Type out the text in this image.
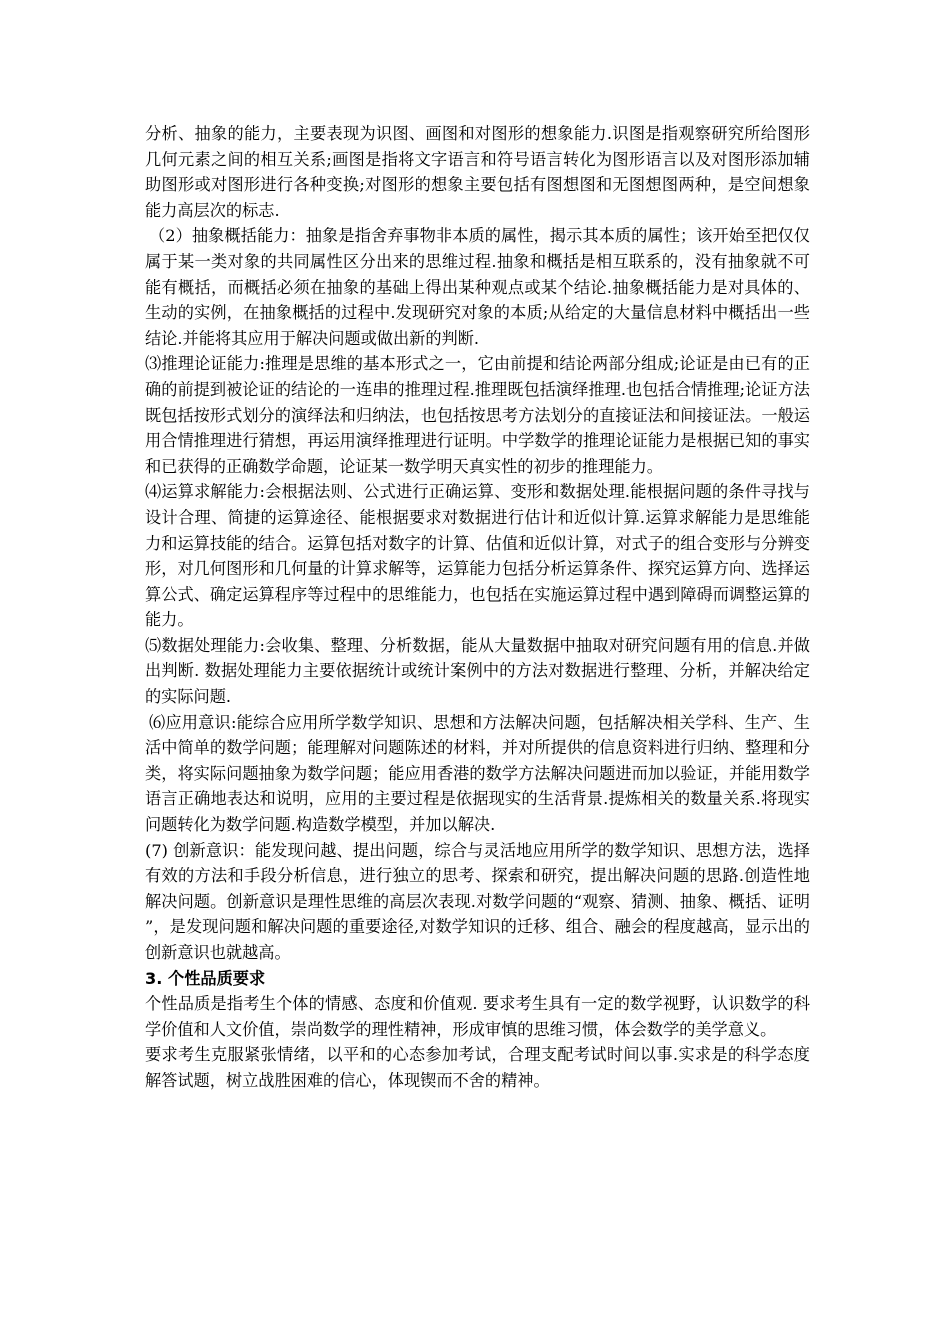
分析、抽象的能力，主要表现为识图、画图和对图形的想象能力.识图是指观察研究所给图形几何元素之间的相互关系;画图是指将文字语言和符号语言转化为图形语言以及对图形添加辅助图形或对图形进行各种变换;对图形的想象主要包括有图想图和无图想图两种，是空间想象能力高层次的标志.

（2）抽象概括能力：抽象是指舍弃事物非本质的属性，揭示其本质的属性；该开始至把仅仅属于某一类对象的共同属性区分出来的思维过程.抽象和概括是相互联系的，没有抽象就不可能有概括，而概括必须在抽象的基础上得出某种观点或某个结论.抽象概括能力是对具体的、生动的实例，在抽象概括的过程中.发现研究对象的本质;从给定的大量信息材料中概括出一些结论.并能将其应用于解决问题或做出新的判断.

⑶推理论证能力:推理是思维的基本形式之一，它由前提和结论两部分组成;论证是由已有的正确的前提到被论证的结论的一连串的推理过程.推理既包括演绎推理.也包括合情推理;论证方法既包括按形式划分的演绎法和归纳法，也包括按思考方法划分的直接证法和间接证法。一般运用合情推理进行猜想，再运用演绎推理进行证明。中学数学的推理论证能力是根据已知的事实和已获得的正确数学命题，论证某一数学明天真实性的初步的推理能力。

⑷运算求解能力:会根据法则、公式进行正确运算、变形和数据处理.能根据问题的条件寻找与设计合理、简捷的运算途径、能根据要求对数据进行估计和近似计算.运算求解能力是思维能力和运算技能的结合。运算包括对数字的计算、估值和近似计算，对式子的组合变形与分辨变形，对几何图形和几何量的计算求解等，运算能力包括分析运算条件、探究运算方向、选择运算公式、确定运算程序等过程中的思维能力，也包括在实施运算过程中遇到障碍而调整运算的能力。

⑸数据处理能力:会收集、整理、分析数据，能从大量数据中抽取对研究问题有用的信息.并做出判断. 数据处理能力主要依据统计或统计案例中的方法对数据进行整理、分析，并解决给定的实际问题.

⑹应用意识:能综合应用所学数学知识、思想和方法解决问题，包括解决相关学科、生产、生活中简单的数学问题；能理解对问题陈述的材料，并对所提供的信息资料进行归纳、整理和分类，将实际问题抽象为数学问题；能应用香港的数学方法解决问题进而加以验证，并能用数学语言正确地表达和说明，应用的主要过程是依据现实的生活背景.提炼相关的数量关系.将现实问题转化为数学问题.构造数学模型，并加以解决.

(7) 创新意识：能发现问越、提出问题，综合与灵活地应用所学的数学知识、思想方法，选择有效的方法和手段分析信息，进行独立的思考、探索和研究，提出解决问题的思路.创造性地解决问题。创新意识是理性思维的高层次表现.对数学问题的“观察、猜测、抽象、概括、证明”，是发现问题和解决问题的重要途径,对数学知识的迁移、组合、融会的程度越高，显示出的创新意识也就越高。

3. 个性品质要求

个性品质是指考生个体的情感、态度和价值观. 要求考生具有一定的数学视野，认识数学的科学价值和人文价值，崇尚数学的理性精神，形成审慎的思维习惯，体会数学的美学意义。

要求考生克服紧张情绪，以平和的心态参加考试，合理支配考试时间以事.实求是的科学态度解答试题，树立战胜困难的信心，体现锲而不舍的精神。
